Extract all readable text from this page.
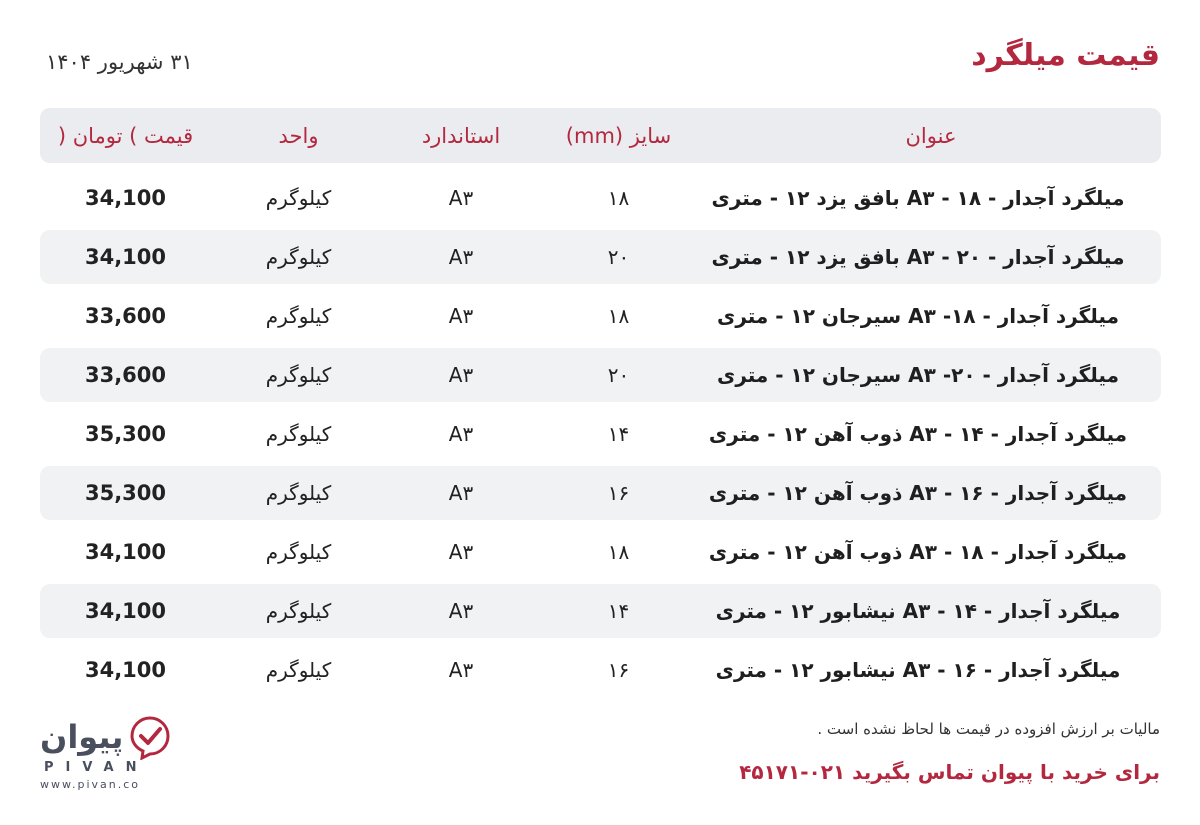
قیمت میلگرد
۳۱ شهریور ۱۴۰۴
عنوان
سایز (mm)
استاندارد
واحد
قیمت ) تومان (
میلگرد آجدار - A۳ - ۱۸ بافق یزد ۱۲ - متری
۱۸
A۳
کیلوگرم
34,100
میلگرد آجدار - A۳ - ۲۰ بافق یزد ۱۲ - متری
۲۰
A۳
کیلوگرم
34,100
میلگرد آجدار - A۳ -۱۸ سیرجان ۱۲ - متری
۱۸
A۳
کیلوگرم
33,600
میلگرد آجدار - A۳ -۲۰ سیرجان ۱۲ - متری
۲۰
A۳
کیلوگرم
33,600
میلگرد آجدار - A۳ - ۱۴ ذوب آهن ۱۲ - متری
۱۴
A۳
کیلوگرم
35,300
میلگرد آجدار - A۳ - ۱۶ ذوب آهن ۱۲ - متری
۱۶
A۳
کیلوگرم
35,300
میلگرد آجدار - A۳ - ۱۸ ذوب آهن ۱۲ - متری
۱۸
A۳
کیلوگرم
34,100
میلگرد آجدار - A۳ - ۱۴ نیشابور ۱۲ - متری
۱۴
A۳
کیلوگرم
34,100
میلگرد آجدار - A۳ - ۱۶ نیشابور ۱۲ - متری
۱۶
A۳
کیلوگرم
34,100
مالیات بر ارزش افزوده در قیمت ها لحاظ نشده است .
برای خرید با پیوان تماس بگیرید ۰۲۱-۴۵۱۷۱
پیوان
PIVAN
www.pivan.co
